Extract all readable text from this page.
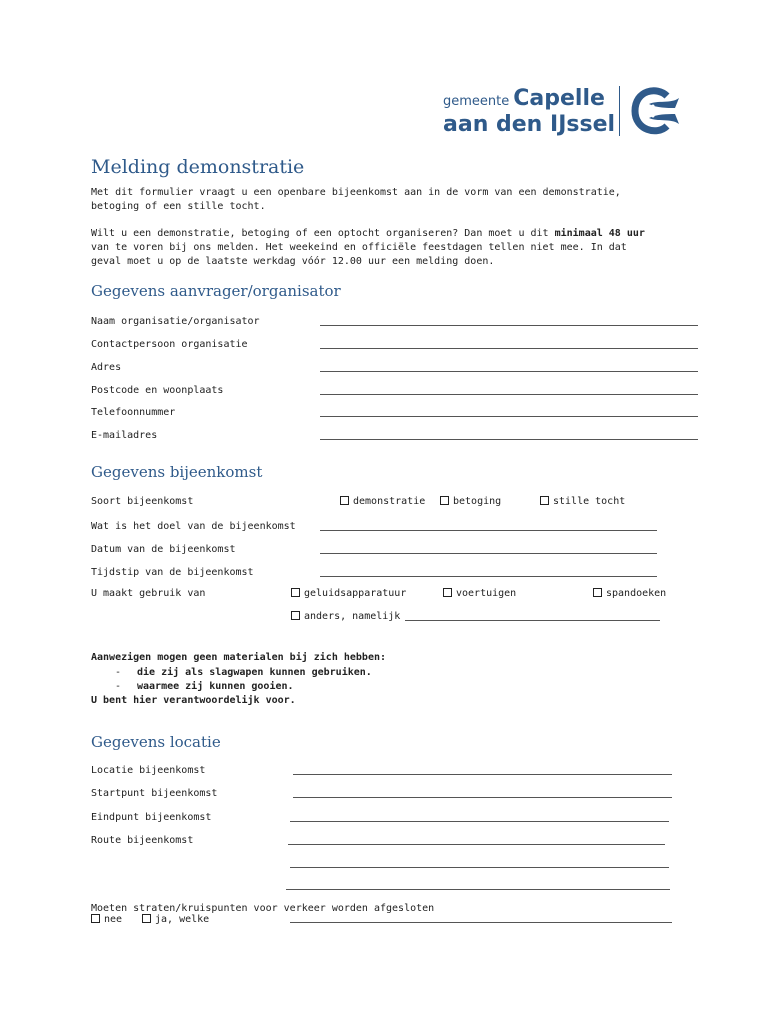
gemeente Capelle
aan den IJssel
Melding demonstratie
Met dit formulier vraagt u een openbare bijeenkomst aan in de vorm van een demonstratie,
betoging of een stille tocht.
Wilt u een demonstratie, betoging of een optocht organiseren? Dan moet u dit minimaal 48 uur
van te voren bij ons melden. Het weekeind en officiële feestdagen tellen niet mee. In dat
geval moet u op de laatste werkdag vóór 12.00 uur een melding doen.
Gegevens aanvrager/organisator
Naam organisatie/organisator
Contactpersoon organisatie
Adres
Postcode en woonplaats
Telefoonnummer
E-mailadres
Gegevens bijeenkomst
Soort bijeenkomst	demonstratie	betoging	stille tocht
Wat is het doel van de bijeenkomst
Datum van de bijeenkomst
Tijdstip van de bijeenkomst
U maakt gebruik van	geluidsapparatuur	voertuigen	spandoeken
anders, namelijk
Aanwezigen mogen geen materialen bij zich hebben:
- die zij als slagwapen kunnen gebruiken.
- waarmee zij kunnen gooien.
U bent hier verantwoordelijk voor.
Gegevens locatie
Locatie bijeenkomst
Startpunt bijeenkomst
Eindpunt bijeenkomst
Route bijeenkomst
Moeten straten/kruispunten voor verkeer worden afgesloten
nee	ja, welke
